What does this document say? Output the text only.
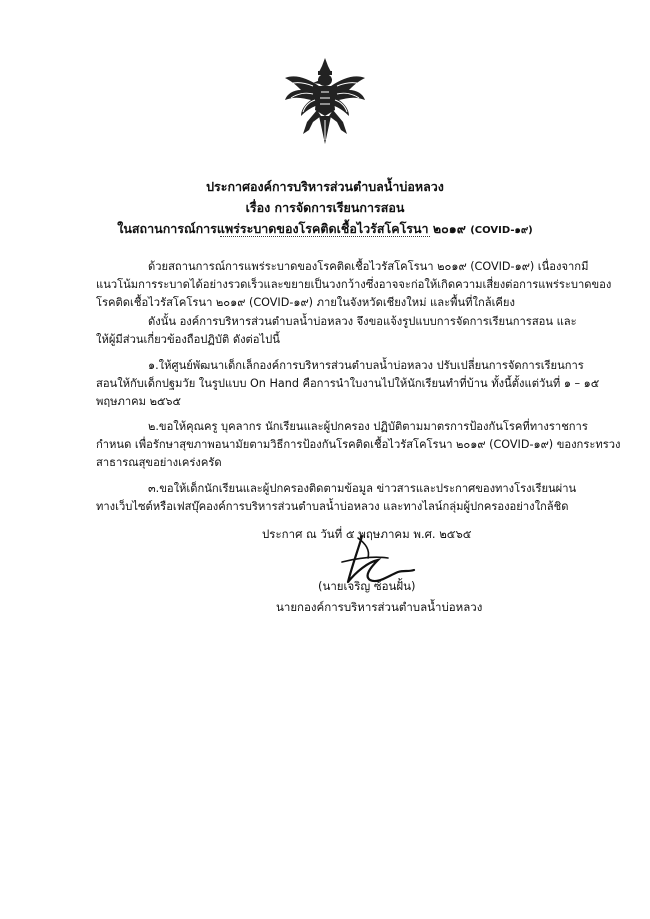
ประกาศองค์การบริหารส่วนตำบลน้ำบ่อหลวง
เรื่อง การจัดการเรียนการสอน
ในสถานการณ์การแพร่ระบาดของโรคติดเชื้อไวรัสโคโรนา ๒๐๑๙ (COVID-๑๙)
ด้วยสถานการณ์การแพร่ระบาดของโรคติดเชื้อไวรัสโคโรนา ๒๐๑๙ (COVID-๑๙) เนื่องจากมี
แนวโน้มการระบาดได้อย่างรวดเร็วและขยายเป็นวงกว้างซึ่งอาจจะก่อให้เกิดความเสี่ยงต่อการแพร่ระบาดของ
โรคติดเชื้อไวรัสโคโรนา ๒๐๑๙ (COVID-๑๙) ภายในจังหวัดเชียงใหม่ และพื้นที่ใกล้เคียง
ดังนั้น องค์การบริหารส่วนตำบลน้ำบ่อหลวง จึงขอแจ้งรูปแบบการจัดการเรียนการสอน และ
ให้ผู้มีส่วนเกี่ยวข้องถือปฏิบัติ ดังต่อไปนี้
๑.ให้ศูนย์พัฒนาเด็กเล็กองค์การบริหารส่วนตำบลน้ำบ่อหลวง ปรับเปลี่ยนการจัดการเรียนการ
สอนให้กับเด็กปฐมวัย ในรูปแบบ On Hand คือการนำใบงานไปให้นักเรียนทำที่บ้าน ทั้งนี้ตั้งแต่วันที่ ๑ – ๑๕
พฤษภาคม ๒๕๖๕
๒.ขอให้คุณครู บุคลากร นักเรียนและผู้ปกครอง ปฏิบัติตามมาตรการป้องกันโรคที่ทางราชการ
กำหนด เพื่อรักษาสุขภาพอนามัยตามวิธีการป้องกันโรคติดเชื้อไวรัสโคโรนา ๒๐๑๙ (COVID-๑๙) ของกระทรวง
สาธารณสุขอย่างเคร่งครัด
๓.ขอให้เด็กนักเรียนและผู้ปกครองติดตามข้อมูล ข่าวสารและประกาศของทางโรงเรียนผ่าน
ทางเว็บไซต์หรือเฟสบุ๊คองค์การบริหารส่วนตำบลน้ำบ่อหลวง และทางไลน์กลุ่มผู้ปกครองอย่างใกล้ชิด
ประกาศ ณ วันที่ ๕ พฤษภาคม พ.ศ. ๒๕๖๕
(นายเจริญ ซ้อนฝั้น)
นายกองค์การบริหารส่วนตำบลน้ำบ่อหลวง
